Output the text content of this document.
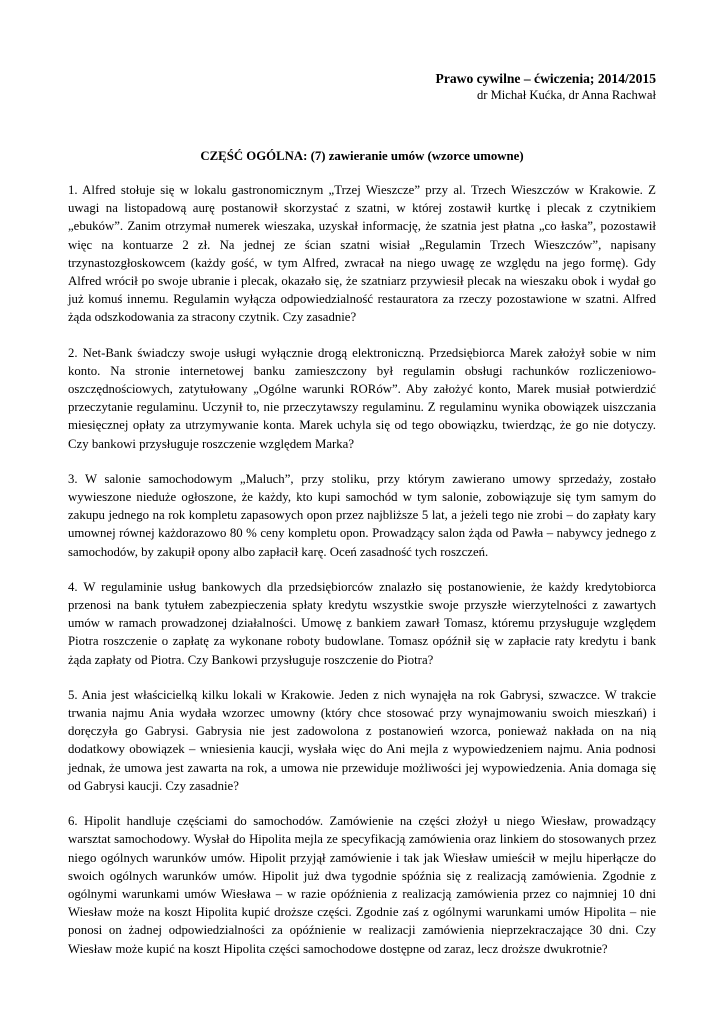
Prawo cywilne – ćwiczenia; 2014/2015
dr Michał Kućka, dr Anna Rachwał
CZĘŚĆ OGÓLNA: (7) zawieranie umów (wzorce umowne)

1. Alfred stołuje się w lokalu gastronomicznym „Trzej Wieszcze” przy al. Trzech Wieszczów w Krakowie. Z uwagi na listopadową aurę postanowił skorzystać z szatni, w której zostawił kurtkę i plecak z czytnikiem „ebuków”. Zanim otrzymał numerek wieszaka, uzyskał informację, że szatnia jest płatna „co łaska”, pozostawił więc na kontuarze 2 zł. Na jednej ze ścian szatni wisiał „Regulamin Trzech Wieszczów”, napisany trzynastozgłoskowcem (każdy gość, w tym Alfred, zwracał na niego uwagę ze względu na jego formę). Gdy Alfred wrócił po swoje ubranie i plecak, okazało się, że szatniarz przywiesił plecak na wieszaku obok i wydał go już komuś innemu. Regulamin wyłącza odpowiedzialność restauratora za rzeczy pozostawione w szatni. Alfred żąda odszkodowania za stracony czytnik. Czy zasadnie?

2. Net-Bank świadczy swoje usługi wyłącznie drogą elektroniczną. Przedsiębiorca Marek założył sobie w nim konto. Na stronie internetowej banku zamieszczony był regulamin obsługi rachunków rozliczeniowo-oszczędnościowych, zatytułowany „Ogólne warunki RORów”. Aby założyć konto, Marek musiał potwierdzić przeczytanie regulaminu. Uczynił to, nie przeczytawszy regulaminu. Z regulaminu wynika obowiązek uiszczania miesięcznej opłaty za utrzymywanie konta. Marek uchyla się od tego obowiązku, twierdząc, że go nie dotyczy. Czy bankowi przysługuje roszczenie względem Marka?

3. W salonie samochodowym „Maluch”, przy stoliku, przy którym zawierano umowy sprzedaży, zostało wywieszone nieduże ogłoszone, że każdy, kto kupi samochód w tym salonie, zobowiązuje się tym samym do zakupu jednego na rok kompletu zapasowych opon przez najbliższe 5 lat, a jeżeli tego nie zrobi – do zapłaty kary umownej równej każdorazowo 80 % ceny kompletu opon. Prowadzący salon żąda od Pawła – nabywcy jednego z samochodów, by zakupił opony albo zapłacił karę. Oceń zasadność tych roszczeń.

4. W regulaminie usług bankowych dla przedsiębiorców znalazło się postanowienie, że każdy kredytobiorca przenosi na bank tytułem zabezpieczenia spłaty kredytu wszystkie swoje przyszłe wierzytelności z zawartych umów w ramach prowadzonej działalności. Umowę z bankiem zawarł Tomasz, któremu przysługuje względem Piotra roszczenie o zapłatę za wykonane roboty budowlane. Tomasz opóźnił się w zapłacie raty kredytu i bank żąda zapłaty od Piotra. Czy Bankowi przysługuje roszczenie do Piotra?

5. Ania jest właścicielką kilku lokali w Krakowie. Jeden z nich wynajęła na rok Gabrysi, szwaczce. W trakcie trwania najmu Ania wydała wzorzec umowny (który chce stosować przy wynajmowaniu swoich mieszkań) i doręczyła go Gabrysi. Gabrysia nie jest zadowolona z postanowień wzorca, ponieważ nakłada on na nią dodatkowy obowiązek – wniesienia kaucji, wysłała więc do Ani mejla z wypowiedzeniem najmu. Ania podnosi jednak, że umowa jest zawarta na rok, a umowa nie przewiduje możliwości jej wypowiedzenia. Ania domaga się od Gabrysi kaucji. Czy zasadnie?

6. Hipolit handluje częściami do samochodów. Zamówienie na części złożył u niego Wiesław, prowadzący warsztat samochodowy. Wysłał do Hipolita mejla ze specyfikacją zamówienia oraz linkiem do stosowanych przez niego ogólnych warunków umów. Hipolit przyjął zamówienie i tak jak Wiesław umieścił w mejlu hiperłącze do swoich ogólnych warunków umów. Hipolit już dwa tygodnie spóźnia się z realizacją zamówienia. Zgodnie z ogólnymi warunkami umów Wiesława – w razie opóźnienia z realizacją zamówienia przez co najmniej 10 dni Wiesław może na koszt Hipolita kupić droższe części. Zgodnie zaś z ogólnymi warunkami umów Hipolita – nie ponosi on żadnej odpowiedzialności za opóźnienie w realizacji zamówienia nieprzekraczające 30 dni. Czy Wiesław może kupić na koszt Hipolita części samochodowe dostępne od zaraz, lecz droższe dwukrotnie?
